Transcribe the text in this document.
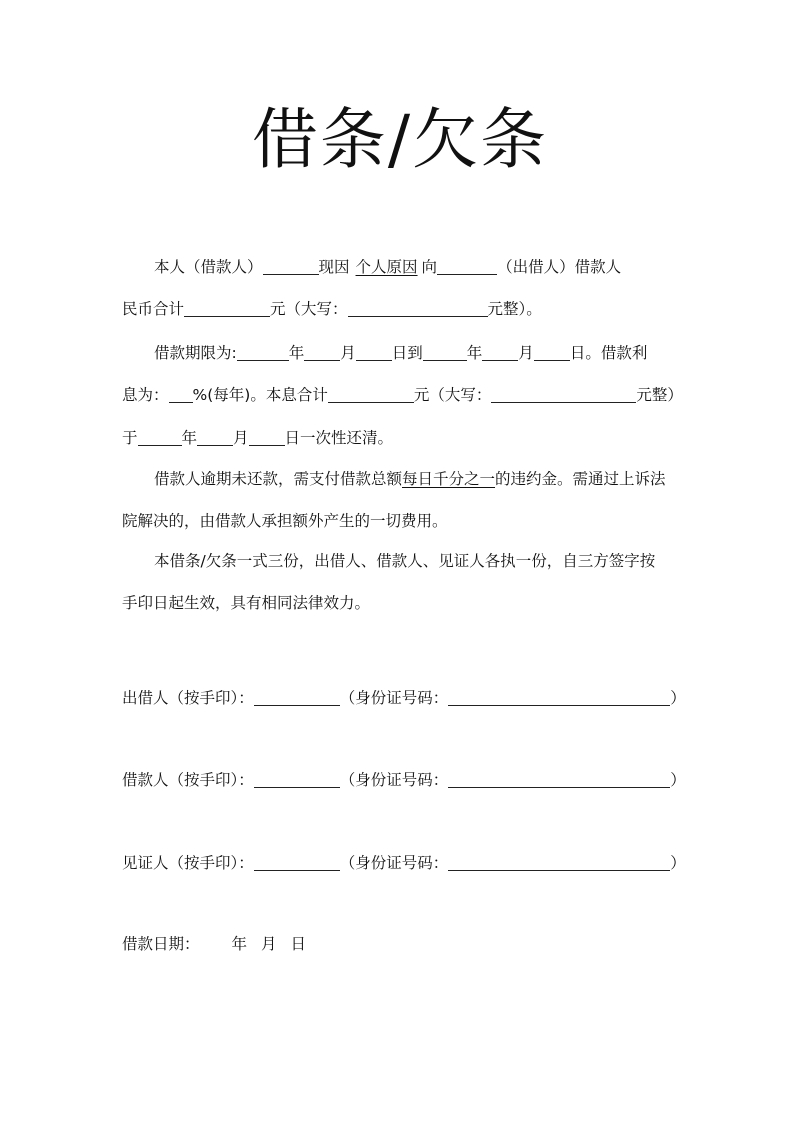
借条/欠条
本人（借款人）	现因 个人原因 向	（出借人）借款人
民币合计	元（大写：	元整）。
借款期限为:	年 月 日到	年 月 日。借款利
息为： %(每年)。本息合计	元（大写：	元整）
于	年 月 日一次性还清。
借款人逾期未还款，需支付借款总额每日千分之一的违约金。需通过上诉法
院解决的，由借款人承担额外产生的一切费用。
本借条/欠条一式三份，出借人、借款人、见证人各执一份，自三方签字按
手印日起生效，具有相同法律效力。
出借人（按手印）：	（身份证号码：	）
借款人（按手印）：	（身份证号码：	）
见证人（按手印）：	（身份证号码：	）
借款日期： 年 月 日
